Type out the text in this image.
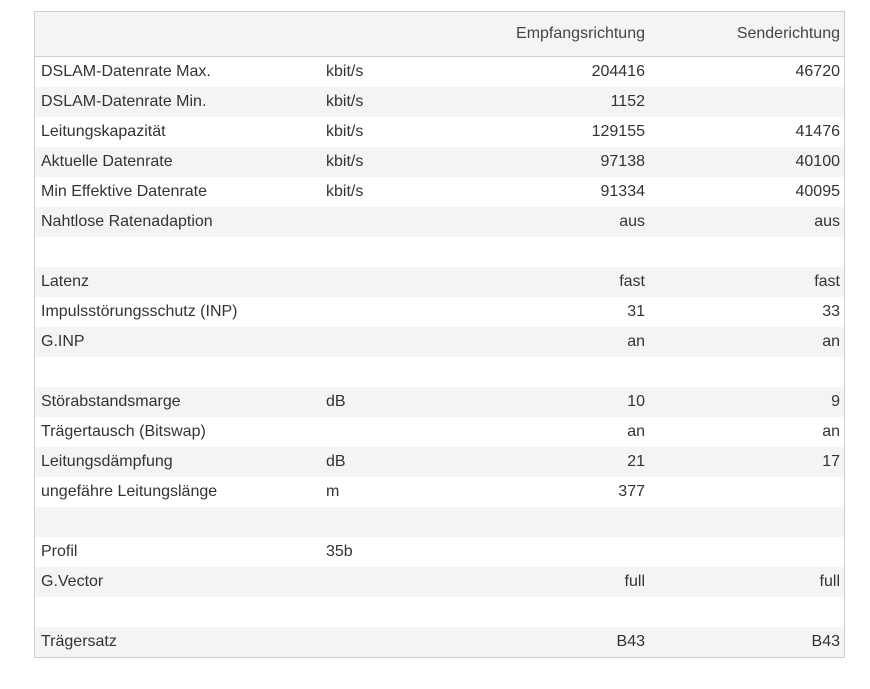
		Empfangsrichtung	Senderichtung
DSLAM-Datenrate Max.	kbit/s	204416	46720
DSLAM-Datenrate Min.	kbit/s	1152	
Leitungskapazität	kbit/s	129155	41476
Aktuelle Datenrate	kbit/s	97138	40100
Min Effektive Datenrate	kbit/s	91334	40095
Nahtlose Ratenadaption		aus	aus

Latenz		fast	fast
Impulsstörungsschutz (INP)		31	33
G.INP		an	an

Störabstandsmarge	dB	10	9
Trägertausch (Bitswap)		an	an
Leitungsdämpfung	dB	21	17
ungefähre Leitungslänge	m	377	

Profil	35b		
G.Vector		full	full

Trägersatz		B43	B43
